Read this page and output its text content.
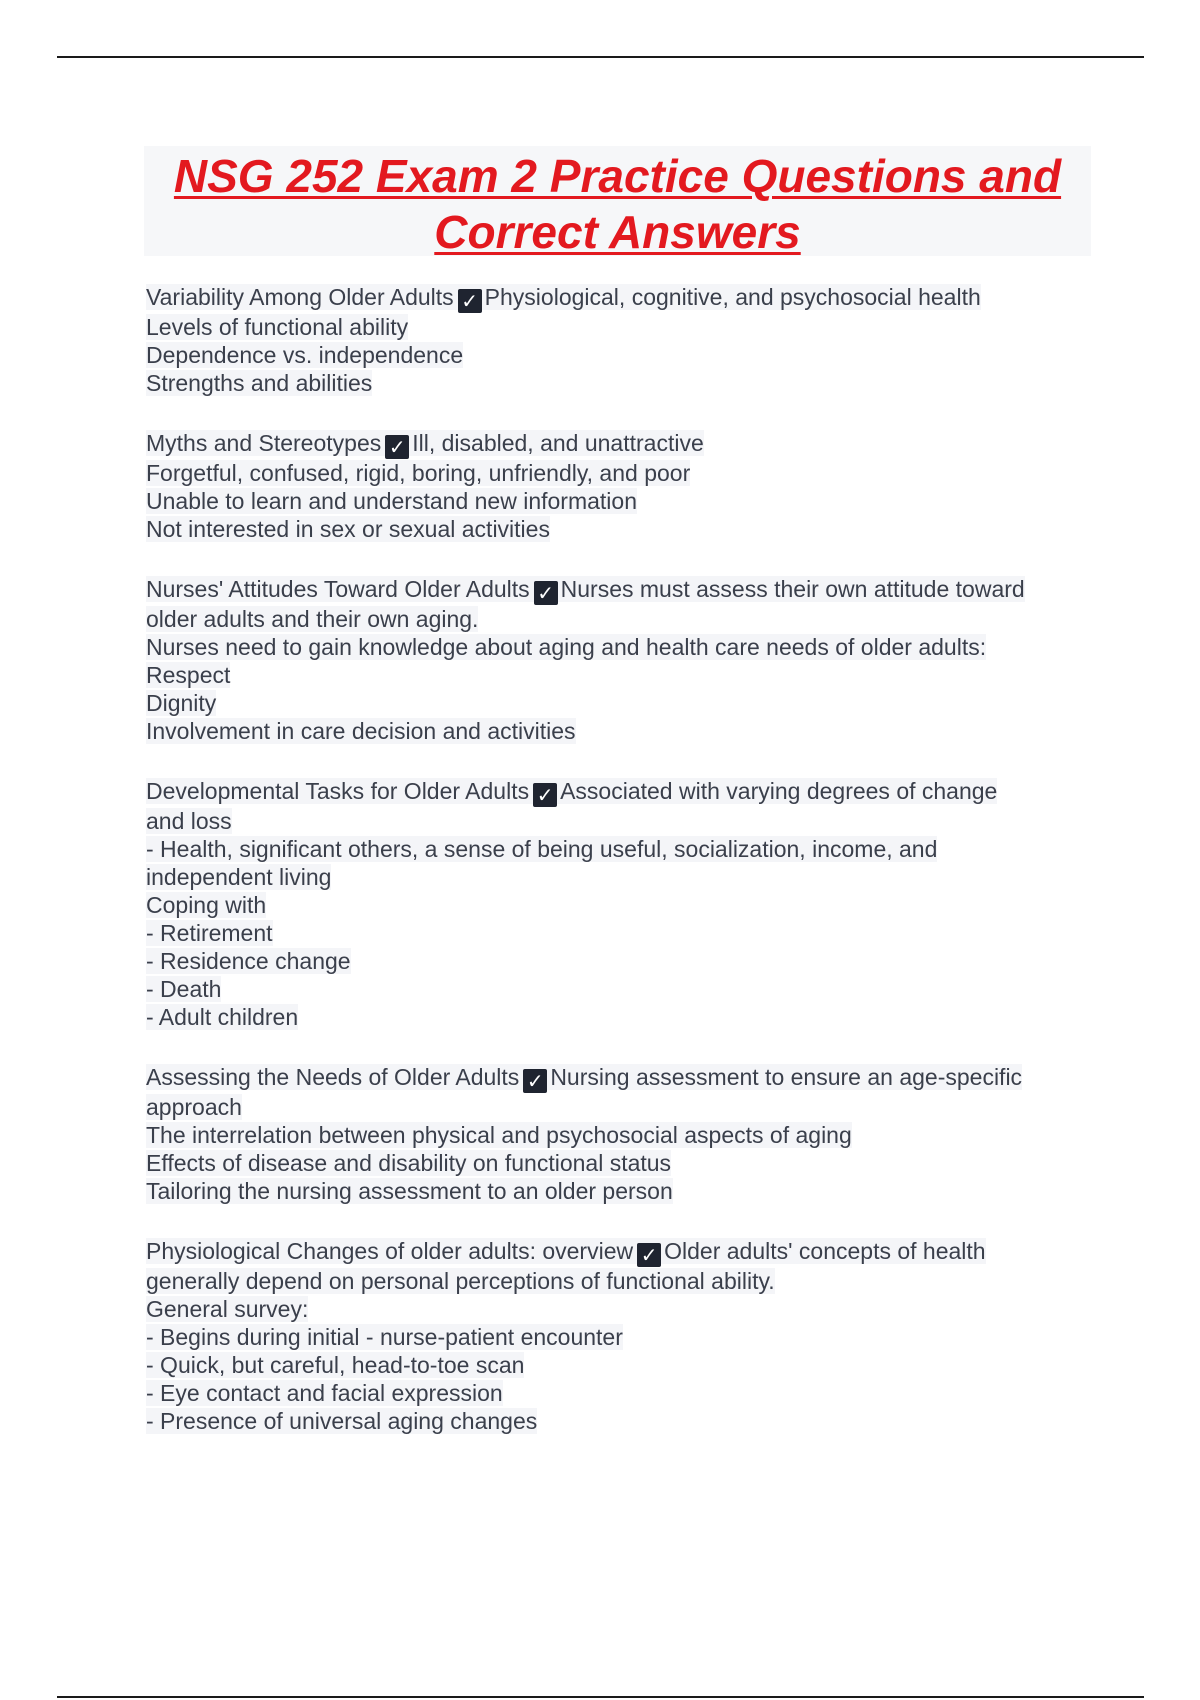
NSG 252 Exam 2 Practice Questions and Correct Answers
Variability Among Older Adults ✓ Physiological, cognitive, and psychosocial health
Levels of functional ability
Dependence vs. independence
Strengths and abilities
Myths and Stereotypes ✓ Ill, disabled, and unattractive
Forgetful, confused, rigid, boring, unfriendly, and poor
Unable to learn and understand new information
Not interested in sex or sexual activities
Nurses' Attitudes Toward Older Adults ✓ Nurses must assess their own attitude toward
older adults and their own aging.
Nurses need to gain knowledge about aging and health care needs of older adults:
Respect
Dignity
Involvement in care decision and activities
Developmental Tasks for Older Adults ✓ Associated with varying degrees of change
and loss
- Health, significant others, a sense of being useful, socialization, income, and
independent living
Coping with
- Retirement
- Residence change
- Death
- Adult children
Assessing the Needs of Older Adults ✓ Nursing assessment to ensure an age-specific
approach
The interrelation between physical and psychosocial aspects of aging
Effects of disease and disability on functional status
Tailoring the nursing assessment to an older person
Physiological Changes of older adults: overview ✓ Older adults' concepts of health
generally depend on personal perceptions of functional ability.
General survey:
- Begins during initial - nurse-patient encounter
- Quick, but careful, head-to-toe scan
- Eye contact and facial expression
- Presence of universal aging changes
